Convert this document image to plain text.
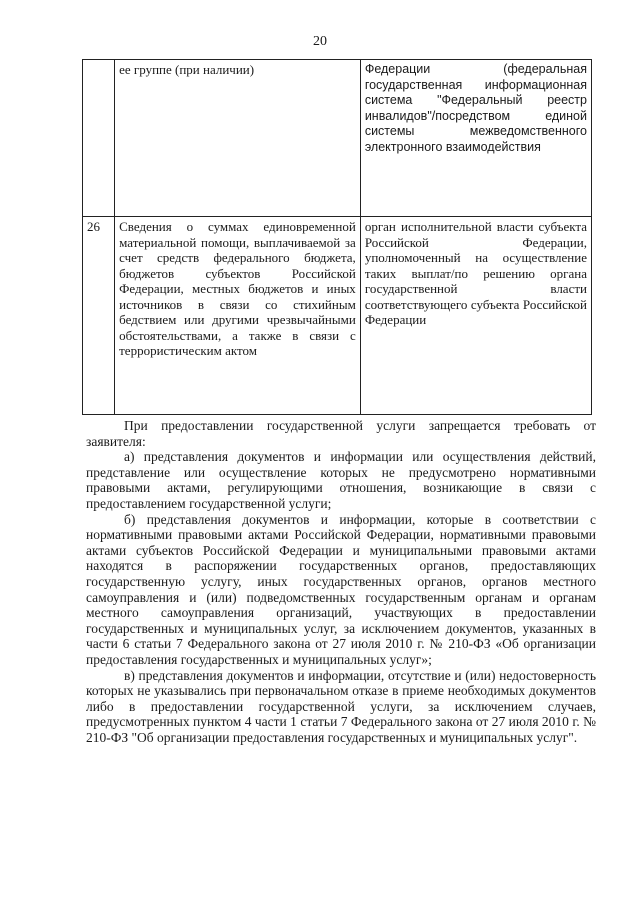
20

	ее группе (при наличии)	Федерации (федеральная государственная информационная система "Федеральный реестр инвалидов"/посредством единой системы межведомственного электронного взаимодействия
26	Сведения о суммах единовременной материальной помощи, выплачиваемой за счет средств федерального бюджета, бюджетов субъектов Российской Федерации, местных бюджетов и иных источников в связи со стихийным бедствием или другими чрезвычайными обстоятельствами, а также в связи с террористическим актом	орган исполнительной власти субъекта Российской Федерации, уполномоченный на осуществление таких выплат/по решению органа государственной власти соответствующего субъекта Российской Федерации

При предоставлении государственной услуги запрещается требовать от заявителя:

а) представления документов и информации или осуществления действий, представление или осуществление которых не предусмотрено нормативными правовыми актами, регулирующими отношения, возникающие в связи с предоставлением государственной услуги;

б) представления документов и информации, которые в соответствии с нормативными правовыми актами Российской Федерации, нормативными правовыми актами субъектов Российской Федерации и муниципальными правовыми актами находятся в распоряжении государственных органов, предоставляющих государственную услугу, иных государственных органов, органов местного самоуправления и (или) подведомственных государственным органам и органам местного самоуправления организаций, участвующих в предоставлении государственных и муниципальных услуг, за исключением документов, указанных в части 6 статьи 7 Федерального закона от 27 июля 2010 г. № 210-ФЗ «Об организации предоставления государственных и муниципальных услуг»;

в) представления документов и информации, отсутствие и (или) недостоверность которых не указывались при первоначальном отказе в приеме необходимых документов либо в предоставлении государственной услуги, за исключением случаев, предусмотренных пунктом 4 части 1 статьи 7 Федерального закона от 27 июля 2010 г. № 210-ФЗ "Об организации предоставления государственных и муниципальных услуг".
